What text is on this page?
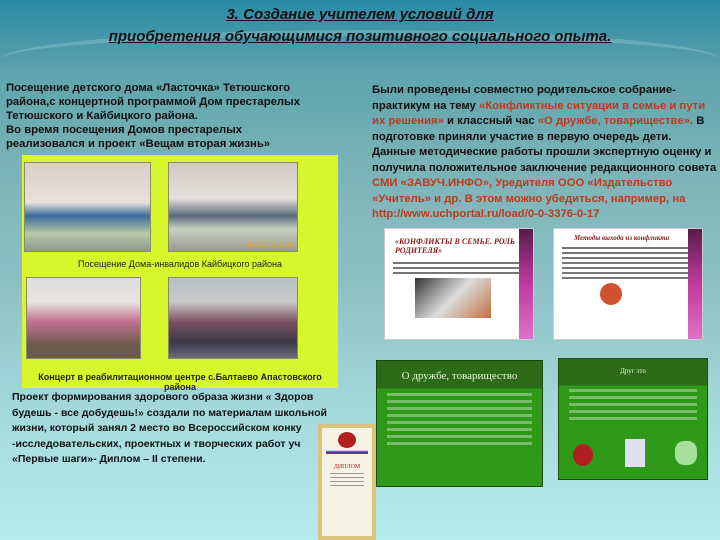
3. Создание учителем условий для
приобретения обучающимися позитивного социального опыта.
Посещение детского дома «Ласточка» Тетюшского
района,с концертной программой Дом престарелых
Тетюшского и Кайбицкого района.
Во время посещения Домов престарелых
реализовался и проект «Вещам вторая жизнь»
14.05.2012 11:05
Посещение Дома-инвалидов Кайбицкого района
Концерт в реабилитационном центре с.Балтаево Апастовского района
Были проведены совместно родительское собрание-практикум на тему «Конфликтные ситуации в семье и пути их решения» и классный час «О дружбе, товариществе». В подготовке приняли участие в первую очередь дети. Данные методические работы прошли экспертную оценку и получила положительное заключение редакционного совета СМИ «ЗАВУЧ.ИНФО», Уредителя ООО «Издательство «Учитель» и др. В этом можно убедиться, например, на http://www.uchportal.ru/load/0-0-3376-0-17
«КОНФЛИКТЫ В СЕМЬЕ. РОЛЬ РОДИТЕЛЯ»
Методы выхода из конфликта
О дружбе, товарищество	Друг это
Проект формирования здорового образа жизни « Здоров
будешь - все добудешь!» создали по материалам школьной
жизни, который занял 2 место во Всероссийском конку
-исследовательских, проектных и творческих работ уч
«Первые шаги»- Диплом – II степени.
ДИПЛОМ
